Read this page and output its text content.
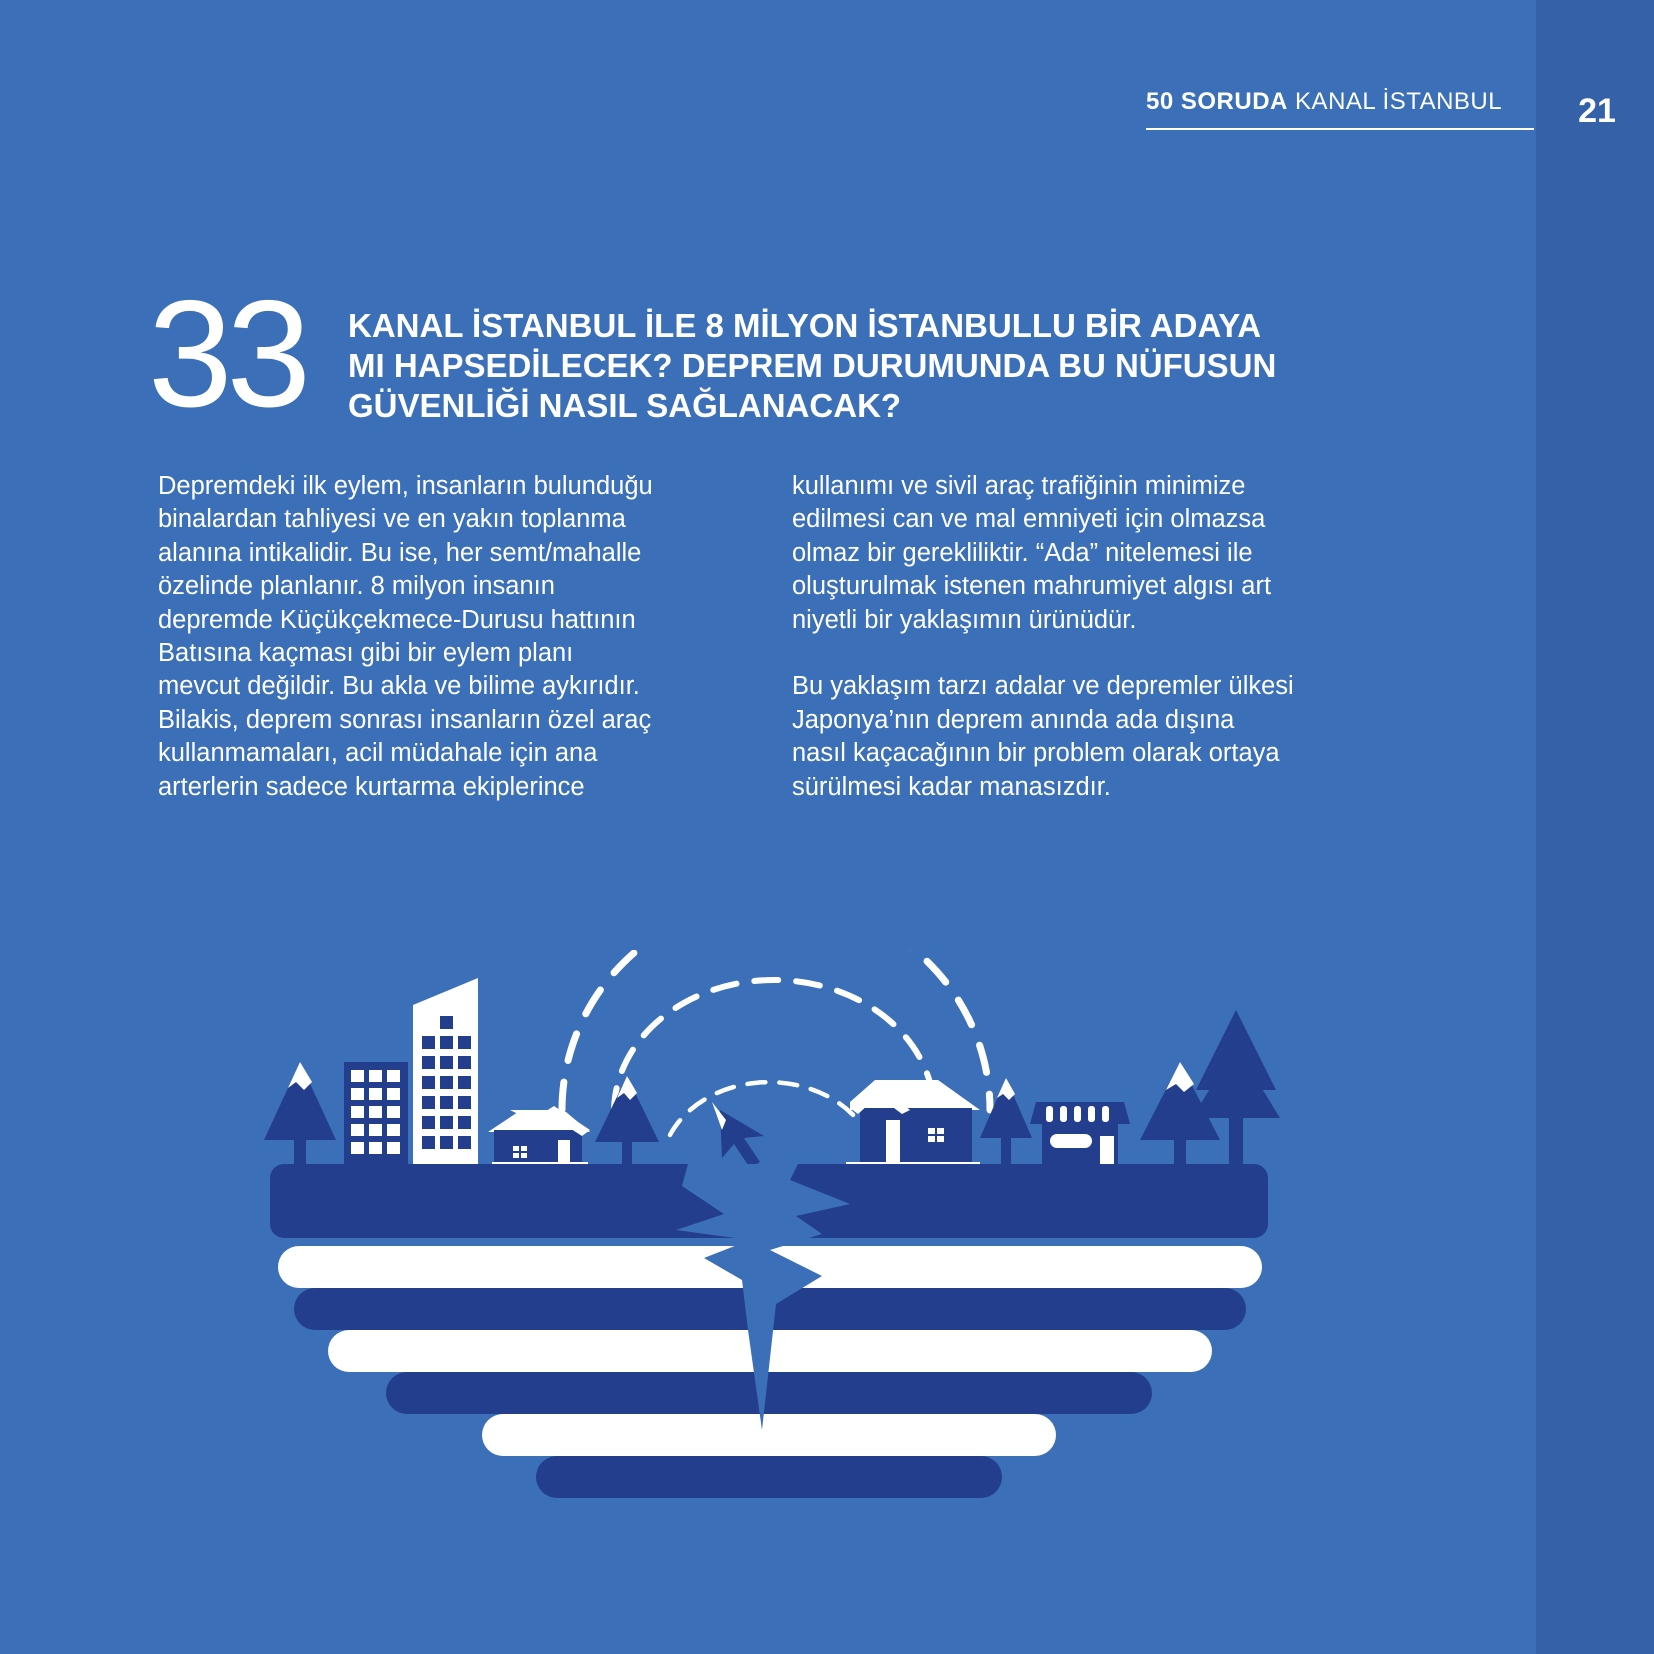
50 SORUDA KANAL İSTANBUL	21
33 KANAL İSTANBUL İLE 8 MİLYON İSTANBULLU BİR ADAYA
MI HAPSEDİLECEK? DEPREM DURUMUNDA BU NÜFUSUN
GÜVENLİĞİ NASIL SAĞLANACAK?

Depremdeki ilk eylem, insanların bulunduğu
binalardan tahliyesi ve en yakın toplanma
alanına intikalidir. Bu ise, her semt/mahalle
özelinde planlanır. 8 milyon insanın
depremde Küçükçekmece-Durusu hattının
Batısına kaçması gibi bir eylem planı
mevcut değildir. Bu akla ve bilime aykırıdır.
Bilakis, deprem sonrası insanların özel araç
kullanmamaları, acil müdahale için ana
arterlerin sadece kurtarma ekiplerince

kullanımı ve sivil araç trafiğinin minimize
edilmesi can ve mal emniyeti için olmazsa
olmaz bir gerekliliktir. “Ada” nitelemesi ile
oluşturulmak istenen mahrumiyet algısı art
niyetli bir yaklaşımın ürünüdür.

Bu yaklaşım tarzı adalar ve depremler ülkesi
Japonya’nın deprem anında ada dışına
nasıl kaçacağının bir problem olarak ortaya
sürülmesi kadar manasızdır.
